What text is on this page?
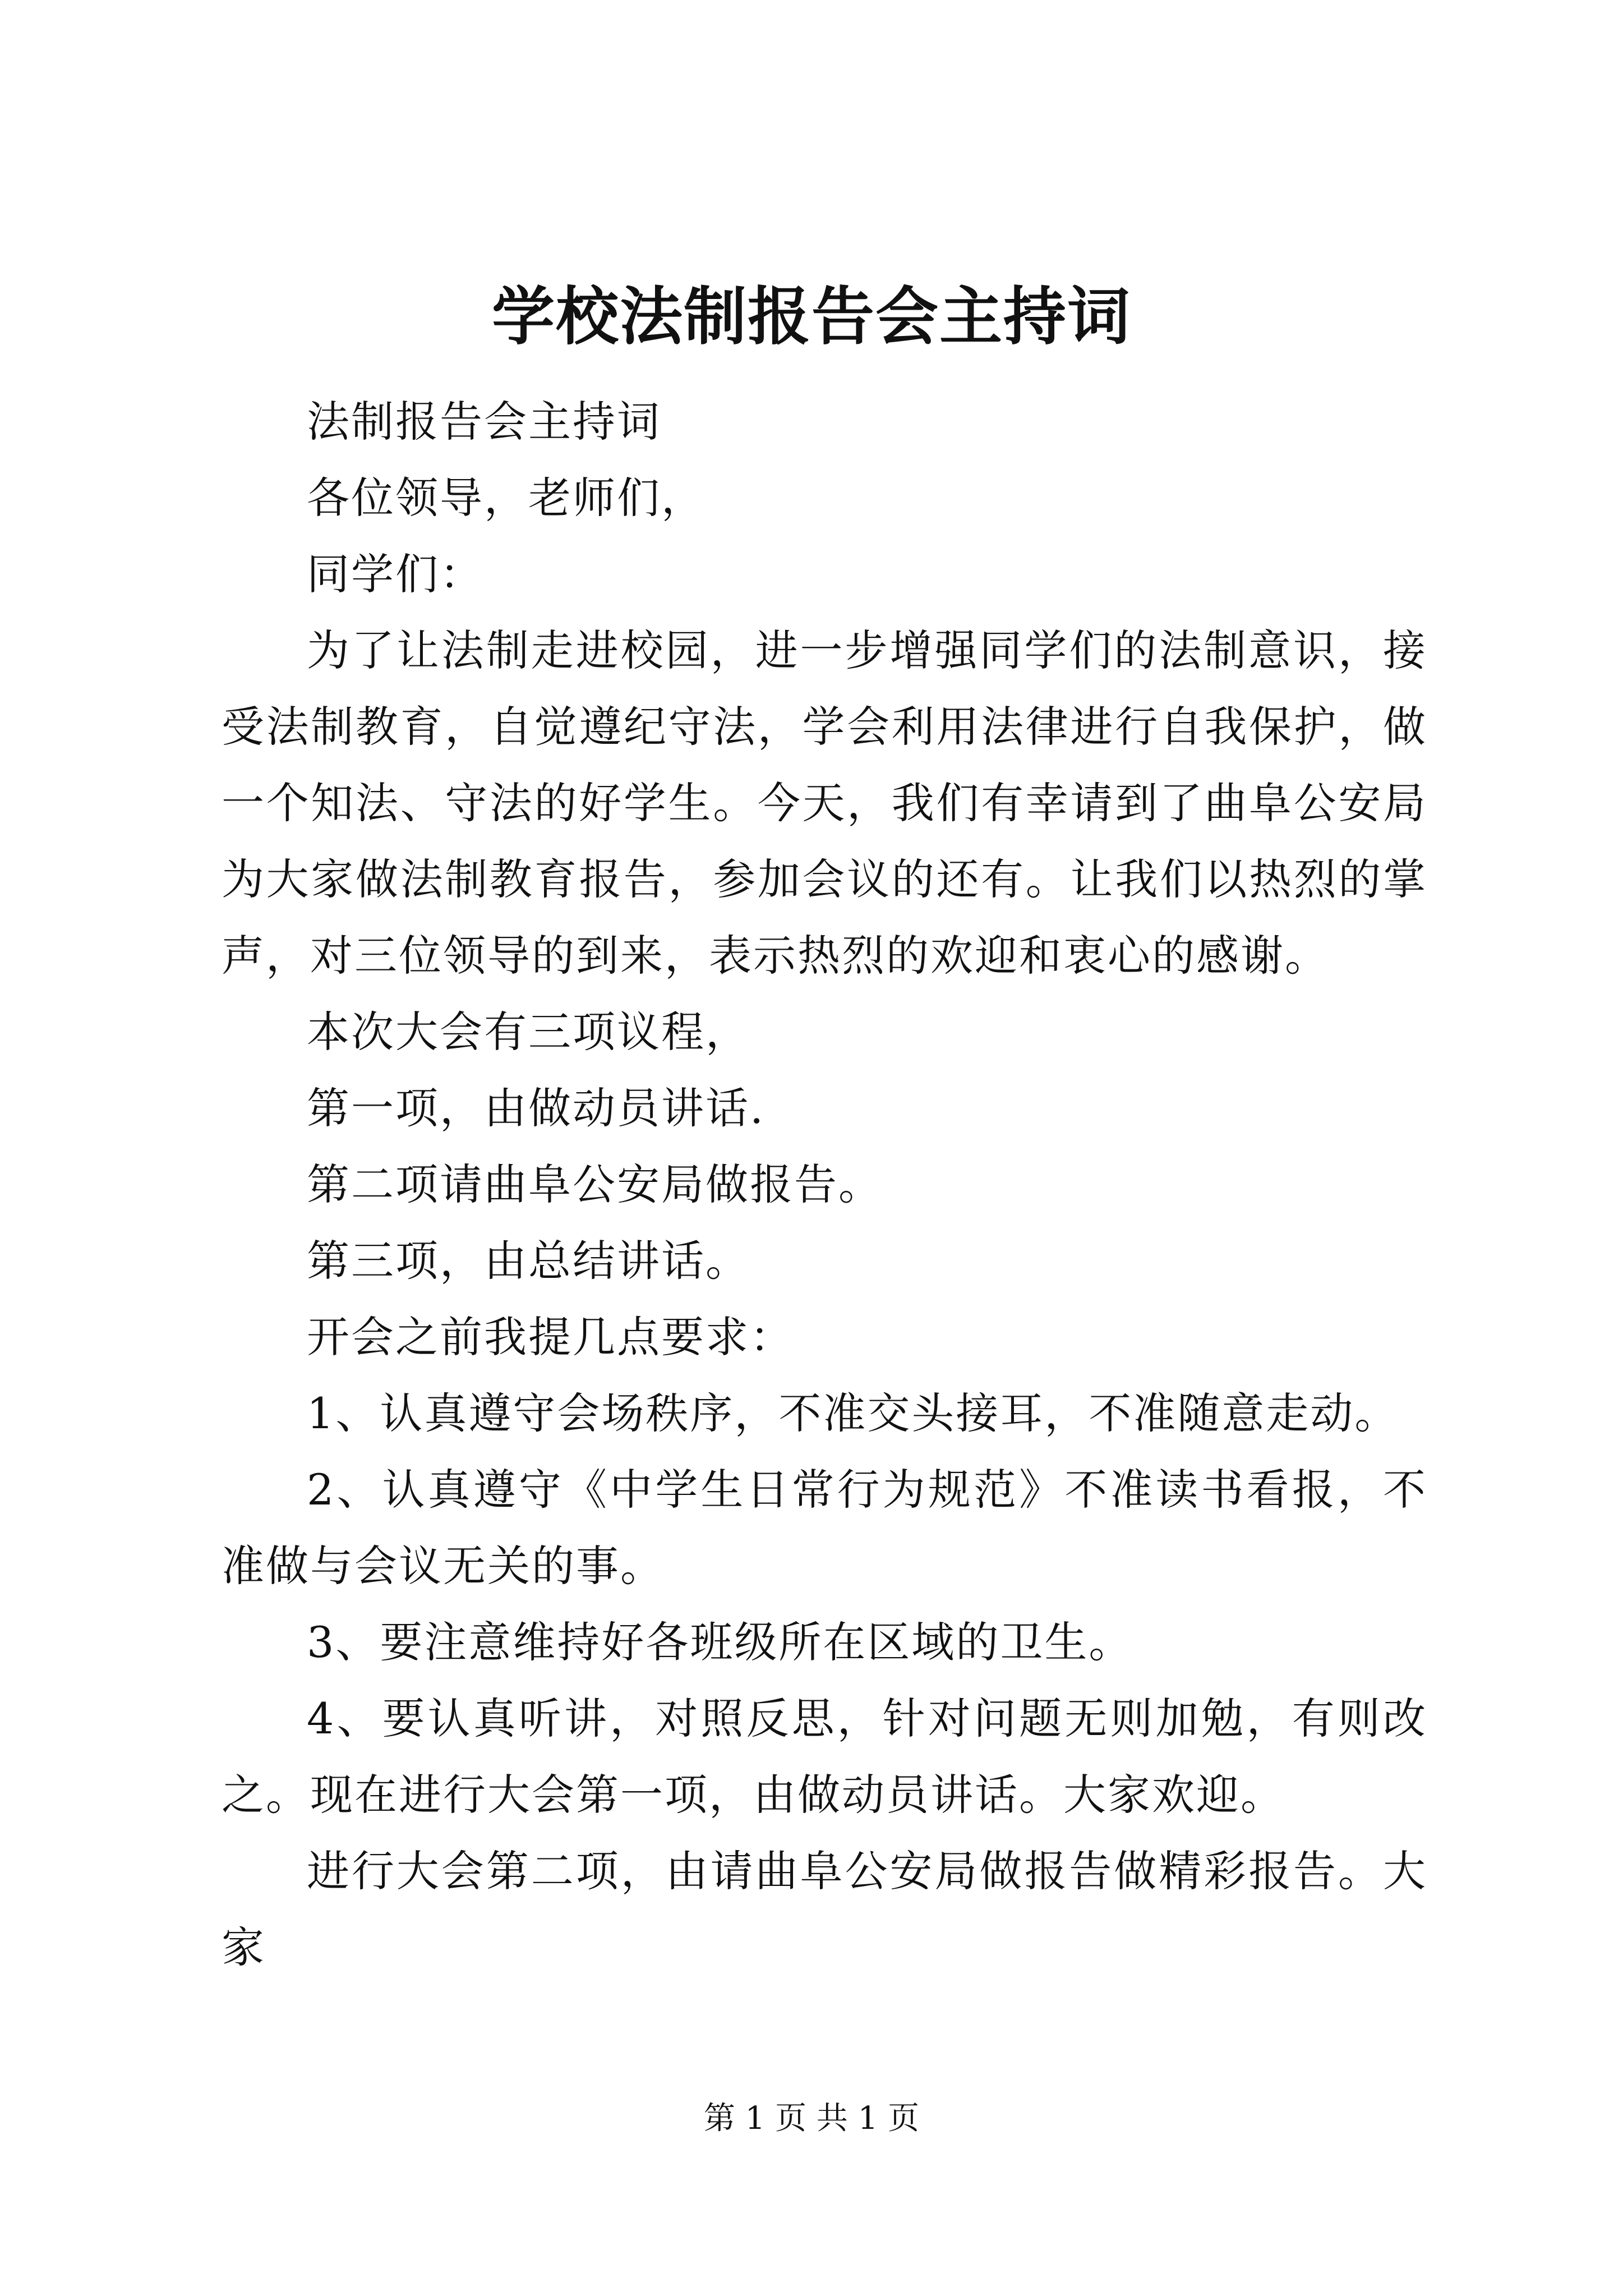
学校法制报告会主持词

法制报告会主持词

各位领导，老师们，

同学们：

为了让法制走进校园，进一步增强同学们的法制意识，接受法制教育，自觉遵纪守法，学会利用法律进行自我保护，做一个知法、守法的好学生。今天，我们有幸请到了曲阜公安局为大家做法制教育报告，参加会议的还有。让我们以热烈的掌声，对三位领导的到来，表示热烈的欢迎和衷心的感谢。

本次大会有三项议程，

第一项，由做动员讲话.

第二项请曲阜公安局做报告。

第三项，由总结讲话。

开会之前我提几点要求：

1、认真遵守会场秩序，不准交头接耳，不准随意走动。

2、认真遵守《中学生日常行为规范》不准读书看报，不准做与会议无关的事。

3、要注意维持好各班级所在区域的卫生。

4、要认真听讲，对照反思，针对问题无则加勉，有则改之。现在进行大会第一项，由做动员讲话。大家欢迎。

进行大会第二项，由请曲阜公安局做报告做精彩报告。大家

第 1 页 共 1 页
